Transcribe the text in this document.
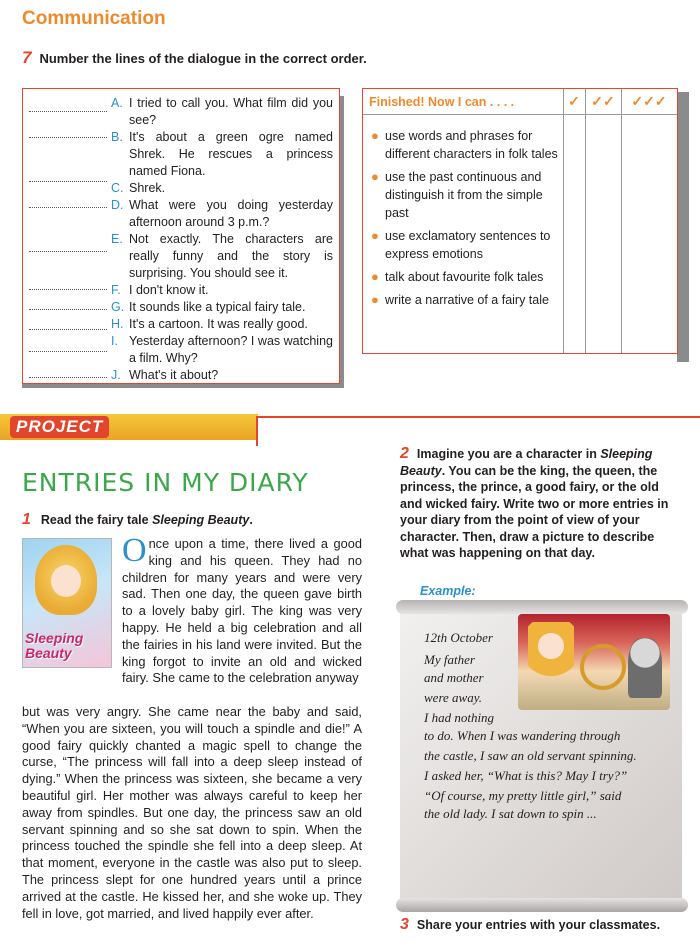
Communication
7 Number the lines of the dialogue in the correct order.
A. I tried to call you. What film did you see?
B. It's about a green ogre named Shrek. He rescues a princess named Fiona.
C. Shrek.
D. What were you doing yesterday afternoon around 3 p.m.?
E. Not exactly. The characters are really funny and the story is surprising. You should see it.
F. I don't know it.
G. It sounds like a typical fairy tale.
H. It's a cartoon. It was really good.
I. Yesterday afternoon? I was watching a film. Why?
J. What's it about?
Finished! Now I can . . . .	✓ ✓✓	✓✓✓
● use words and phrases for different characters in folk tales
● use the past continuous and distinguish it from the simple past
● use exclamatory sentences to express emotions
● talk about favourite folk tales
● write a narrative of a fairy tale
PROJECT
ENTRIES IN MY DIARY
1 Read the fairy tale Sleeping Beauty.
Sleeping Beauty
Once upon a time, there lived a good king and his queen. They had no children for many years and were very sad. Then one day, the queen gave birth to a lovely baby girl. The king was very happy. He held a big celebration and all the fairies in his land were invited. But the king forgot to invite an old and wicked fairy. She came to the celebration anyway
but was very angry. She came near the baby and said, “When you are sixteen, you will touch a spindle and die!” A good fairy quickly chanted a magic spell to change the curse, “The princess will fall into a deep sleep instead of dying.” When the princess was sixteen, she became a very beautiful girl. Her mother was always careful to keep her away from spindles. But one day, the princess saw an old servant spinning and so she sat down to spin. When the princess touched the spindle she fell into a deep sleep. At that moment, everyone in the castle was also put to sleep. The princess slept for one hundred years until a prince arrived at the castle. He kissed her, and she woke up. They fell in love, got married, and lived happily ever after.
2 Imagine you are a character in Sleeping Beauty. You can be the king, the queen, the princess, the prince, a good fairy, or the old and wicked fairy. Write two or more entries in your diary from the point of view of your character. Then, draw a picture to describe what was happening on that day.
Example:
12th October
My father
and mother
were away.
I had nothing
to do. When I was wandering through
the castle, I saw an old servant spinning.
I asked her, “What is this? May I try?”
“Of course, my pretty little girl,” said
the old lady. I sat down to spin ...
3 Share your entries with your classmates.
